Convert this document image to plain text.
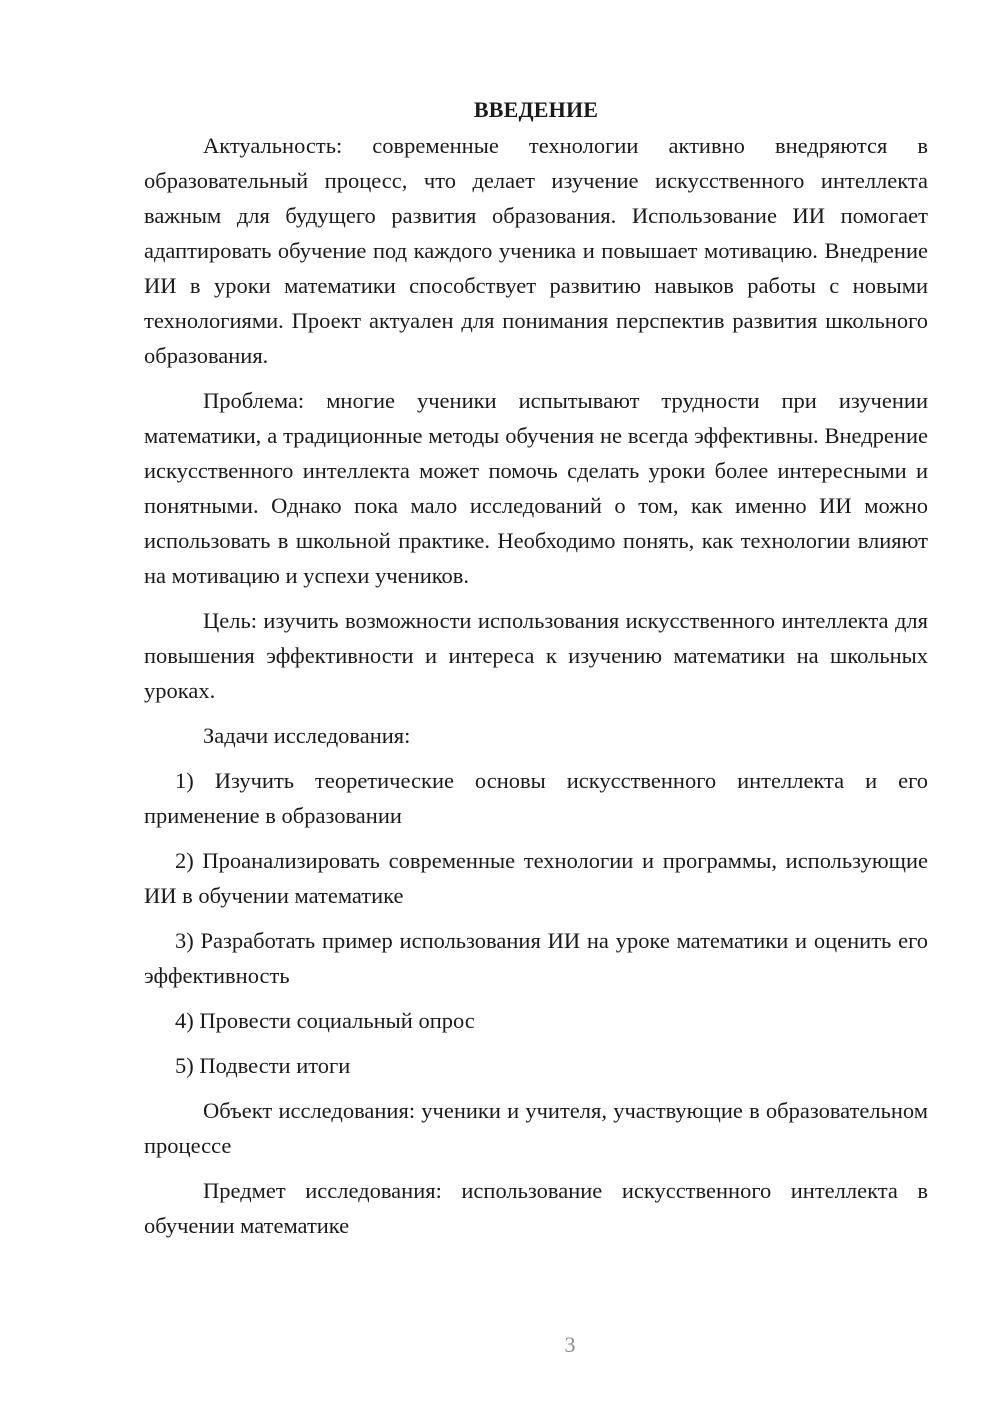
ВВЕДЕНИЕ

Актуальность: современные технологии активно внедряются в образовательный процесс, что делает изучение искусственного интеллекта важным для будущего развития образования. Использование ИИ помогает адаптировать обучение под каждого ученика и повышает мотивацию. Внедрение ИИ в уроки математики способствует развитию навыков работы с новыми технологиями. Проект актуален для понимания перспектив развития школьного образования.

Проблема: многие ученики испытывают трудности при изучении математики, а традиционные методы обучения не всегда эффективны. Внедрение искусственного интеллекта может помочь сделать уроки более интересными и понятными. Однако пока мало исследований о том, как именно ИИ можно использовать в школьной практике. Необходимо понять, как технологии влияют на мотивацию и успехи учеников.

Цель: изучить возможности использования искусственного интеллекта для повышения эффективности и интереса к изучению математики на школьных уроках.

Задачи исследования:

1) Изучить теоретические основы искусственного интеллекта и его применение в образовании
2) Проанализировать современные технологии и программы, использующие ИИ в обучении математике
3) Разработать пример использования ИИ на уроке математики и оценить его эффективность
4) Провести социальный опрос
5) Подвести итоги

Объект исследования: ученики и учителя, участвующие в образовательном процессе

Предмет исследования: использование искусственного интеллекта в обучении математике

3
